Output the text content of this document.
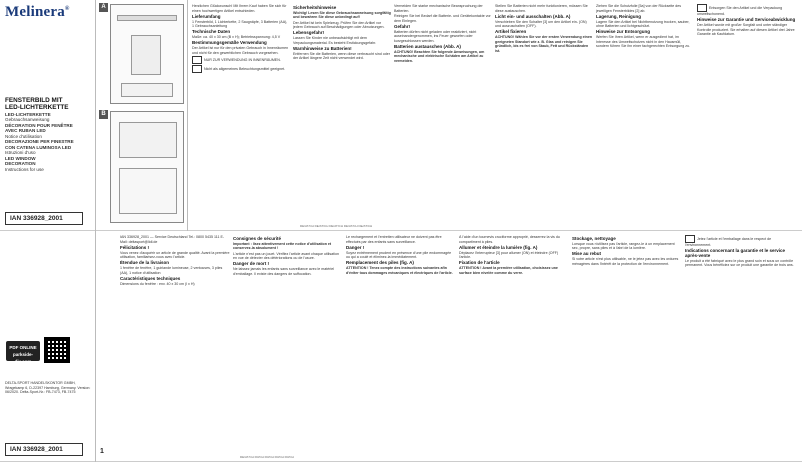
Melinera®
FENSTERBILD MIT
LED-LICHTERKETTE
LED-LICHTERKETTE
Gebrauchsanweisung
DÉCORATION POUR FENÊTRE
AVEC RUBAN LED
Notice d'utilisation
DECORAZIONE PER FINESTRE
CON CATENA LUMINOSA LED
Istruzioni d'uso
LED WINDOW
DECORATION
Instructions for use
IAN 336928_2001
A
B

Herzlichen Glückwunsch! Mit Ihrem Kauf haben Sie sich für einen hochwertigen Artikel entschieden.

Lieferumfang

1 Fensterbild, 1 Lichterkette, 2 Saugnäpfe, 3 Batterien (AA), 1 Gebrauchsanleitung

Technische Daten

Maße: ca. 40 x 30 cm (B x H); Betriebsspannung: 4,5 V

Bestimmungsgemäße Verwendung

Der Artikel ist nur für den privaten Gebrauch in Innenräumen und nicht für den gewerblichen Gebrauch vorgesehen.

NUR ZUR VERWENDUNG IN INNENRÄUMEN.

Nicht als allgemeines Beleuchtungsmittel geeignet.

Sicherheitshinweise

Wichtig! Lesen Sie diese Gebrauchsanweisung sorgfältig und bewahren Sie diese unbedingt auf!

Der Artikel ist kein Spielzeug. Prüfen Sie den Artikel vor jedem Gebrauch auf Beschädigungen oder Abnutzungen.

Lebensgefahr!

Lassen Sie Kinder nie unbeaufsichtigt mit dem Verpackungsmaterial. Es besteht Erstickungsgefahr.

Warnhinweise zu Batterien!

Entfernen Sie die Batterien, wenn diese verbraucht sind oder der Artikel längere Zeit nicht verwendet wird.

Vermeiden Sie starke mechanische Beanspruchung der Batterien.

Reinigen Sie bei Bedarf die Batterie- und Gerätekontakte vor dem Einlegen.

Gefahr!

Batterien dürfen nicht geladen oder reaktiviert, nicht auseinandergenommen, ins Feuer geworfen oder kurzgeschlossen werden.

Batterien austauschen (Abb. A)

ACHTUNG! Beachten Sie folgende Anweisungen, um mechanische und elektrische Schäden am Artikel zu vermeiden.

Stellen Sie Batterien nicht mehr funktionieren, müssen Sie diese austauschen.

Licht ein- und ausschalten (Abb. A)

Verschieben Sie den Schalter [3] um den Artikel ein- (ON) und auszuschalten (OFF).

Artikel fixieren

ACHTUNG! Wählen Sie vor der ersten Verwendung einen geeigneten Standort wie z. B. Glas und reinigen Sie gründlich, bis es frei von Staub, Fett und Rückständen ist.

Ziehen Sie die Schutzfolie [5a] von der Rückseite des jeweiligen Fensterbildes [2] ab.

Lagerung, Reinigung

Lagern Sie den Artikel bei Nichtbenutzung trocken, sauber, ohne Batterien und lichtgeschützt.

Hinweise zur Entsorgung

Werfen Sie Ihren Artikel, wenn er ausgedient hat, im Interesse des Umweltschutzes nicht in den Hausmüll, sondern führen Sie ihn einer fachgerechten Entsorgung zu.

Entsorgen Sie den Artikel und die Verpackung umweltschonend.

Hinweise zur Garantie und Serviceabwicklung

Der Artikel wurde mit großer Sorgfalt und unter ständiger Kontrolle produziert. Sie erhalten auf diesen Artikel drei Jahre Garantie ab Kaufdatum.

DE/AT/CH DE/AT/CH DE/AT/CH DE/AT/CH DE/AT/CH
PDF ONLINE parkside-diy.com
DELTA-SPORT HANDELSKONTOR GMBH, Wragekamp 6, D-22397 Hamburg, Germany. Version: 06/2020. Delta-Sport-Nr.: FB-7473, FB-7475
IAN 336928_2001	1

IAN 336928_2001 — Service Deutschland Tel.: 0800 5435 111 E-Mail: deltasport@lidl.de

Félicitations !

Vous venez d'acquérir un article de grande qualité. Avant la première utilisation, familiarisez-vous avec l'article.

Étendue de la livraison

1 fenêtre de fenêtre, 1 guirlande lumineuse, 2 ventouses, 3 piles (AA), 1 notice d'utilisation

Caractéristiques techniques

Dimensions du fenêtre : env. 40 x 30 cm (l x H)

Consignes de sécurité

Important : lisez attentivement cette notice d'utilisation et conservez-la absolument !

L'article n'est pas un jouet. Vérifiez l'article avant chaque utilisation en vue de détecter des détériorations ou de l'usure.

Danger de mort !

Ne laissez jamais les enfants sans surveillance avec le matériel d'emballage. Il existe des dangers de suffocation.

Le rechargement et l'entretien utilisateur ne doivent pas être effectués par des enfants sans surveillance.

Danger !

Soyez extrêmement prudent en présence d'une pile endommagée ou qui a coulé et éliminez-la immédiatement.

Remplacement des piles (fig. A)

ATTENTION ! Tenez compte des instructions suivantes afin d'éviter tous dommages mécaniques et électriques de l'article.

À l'aide d'un tournevis cruciforme approprié, desserrez la vis du compartiment à piles.

Allumer et éteindre la lumière (fig. A)

Déplacez l'interrupteur [3] pour allumer (ON) et éteindre (OFF) l'article.

Fixation de l'article

ATTENTION ! Avant la première utilisation, choisissez une surface bien nivelée comme du verre.

Stockage, nettoyage

Lorsque vous n'utilisez pas l'article, rangez-le à un emplacement sec, propre, sans piles et à l'abri de la lumière.

Mise au rebut

Si votre article n'est plus utilisable, ne le jetez pas avec les ordures ménagères dans l'intérêt de la protection de l'environnement.

Jetez l'article et l'emballage dans le respect de l'environnement.

Indications concernant la garantie et le service après-vente

Le produit a été fabriqué avec le plus grand soin et sous un contrôle permanent. Vous bénéficiez sur ce produit une garantie de trois ans.

DE/AT/CH FR/CH FR/CH FR/CH FR/CH
